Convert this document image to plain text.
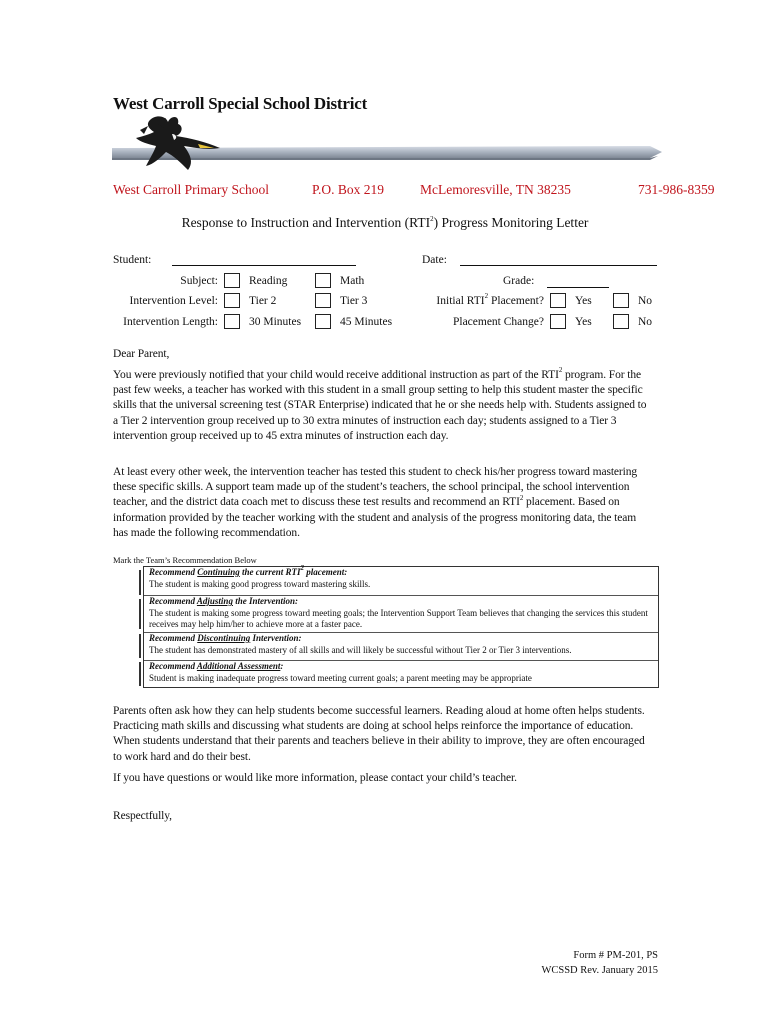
West Carroll Special School District
West Carroll Primary School	P.O. Box 219	McLemoresville, TN 38235	731-986-8359
Response to Instruction and Intervention (RTI$^2$) Progress Monitoring Letter
Student:	Date:
Subject:	Reading	Math	Grade:
Intervention Level:	Tier 2	Tier 3	Initial RTI$^2$ Placement?	Yes	No
Intervention Length:	30 Minutes	45 Minutes	Placement Change?	Yes	No
Dear Parent,
You were previously notified that your child would receive additional instruction as part of the RTI$^2$ program. For the past few weeks, a teacher has worked with this student in a small group setting to help this student master the specific skills that the universal screening test (STAR Enterprise) indicated that he or she needs help with. Students assigned to a Tier 2 intervention group received up to 30 extra minutes of instruction each day; students assigned to a Tier 3 intervention group received up to 45 extra minutes of instruction each day.
At least every other week, the intervention teacher has tested this student to check his/her progress toward mastering these specific skills. A support team made up of the student’s teachers, the school principal, the school intervention teacher, and the district data coach met to discuss these test results and recommend an RTI$^2$ placement. Based on information provided by the teacher working with the student and analysis of the progress monitoring data, the team has made the following recommendation.
Mark the Team’s Recommendation Below
Recommend Continuing the current RTI$^2$ placement:
The student is making good progress toward mastering skills.
Recommend Adjusting the Intervention:
The student is making some progress toward meeting goals; the Intervention Support Team believes that changing the services this student receives may help him/her to achieve more at a faster pace.
Recommend Discontinuing Intervention:
The student has demonstrated mastery of all skills and will likely be successful without Tier 2 or Tier 3 interventions.
Recommend Additional Assessment:
Student is making inadequate progress toward meeting current goals; a parent meeting may be appropriate
Parents often ask how they can help students become successful learners. Reading aloud at home often helps students. Practicing math skills and discussing what students are doing at school helps reinforce the importance of education. When students understand that their parents and teachers believe in their ability to improve, they are often encouraged to work hard and do their best.
If you have questions or would like more information, please contact your child’s teacher.
Respectfully,
Form # PM-201, PS
WCSSD Rev. January 2015
